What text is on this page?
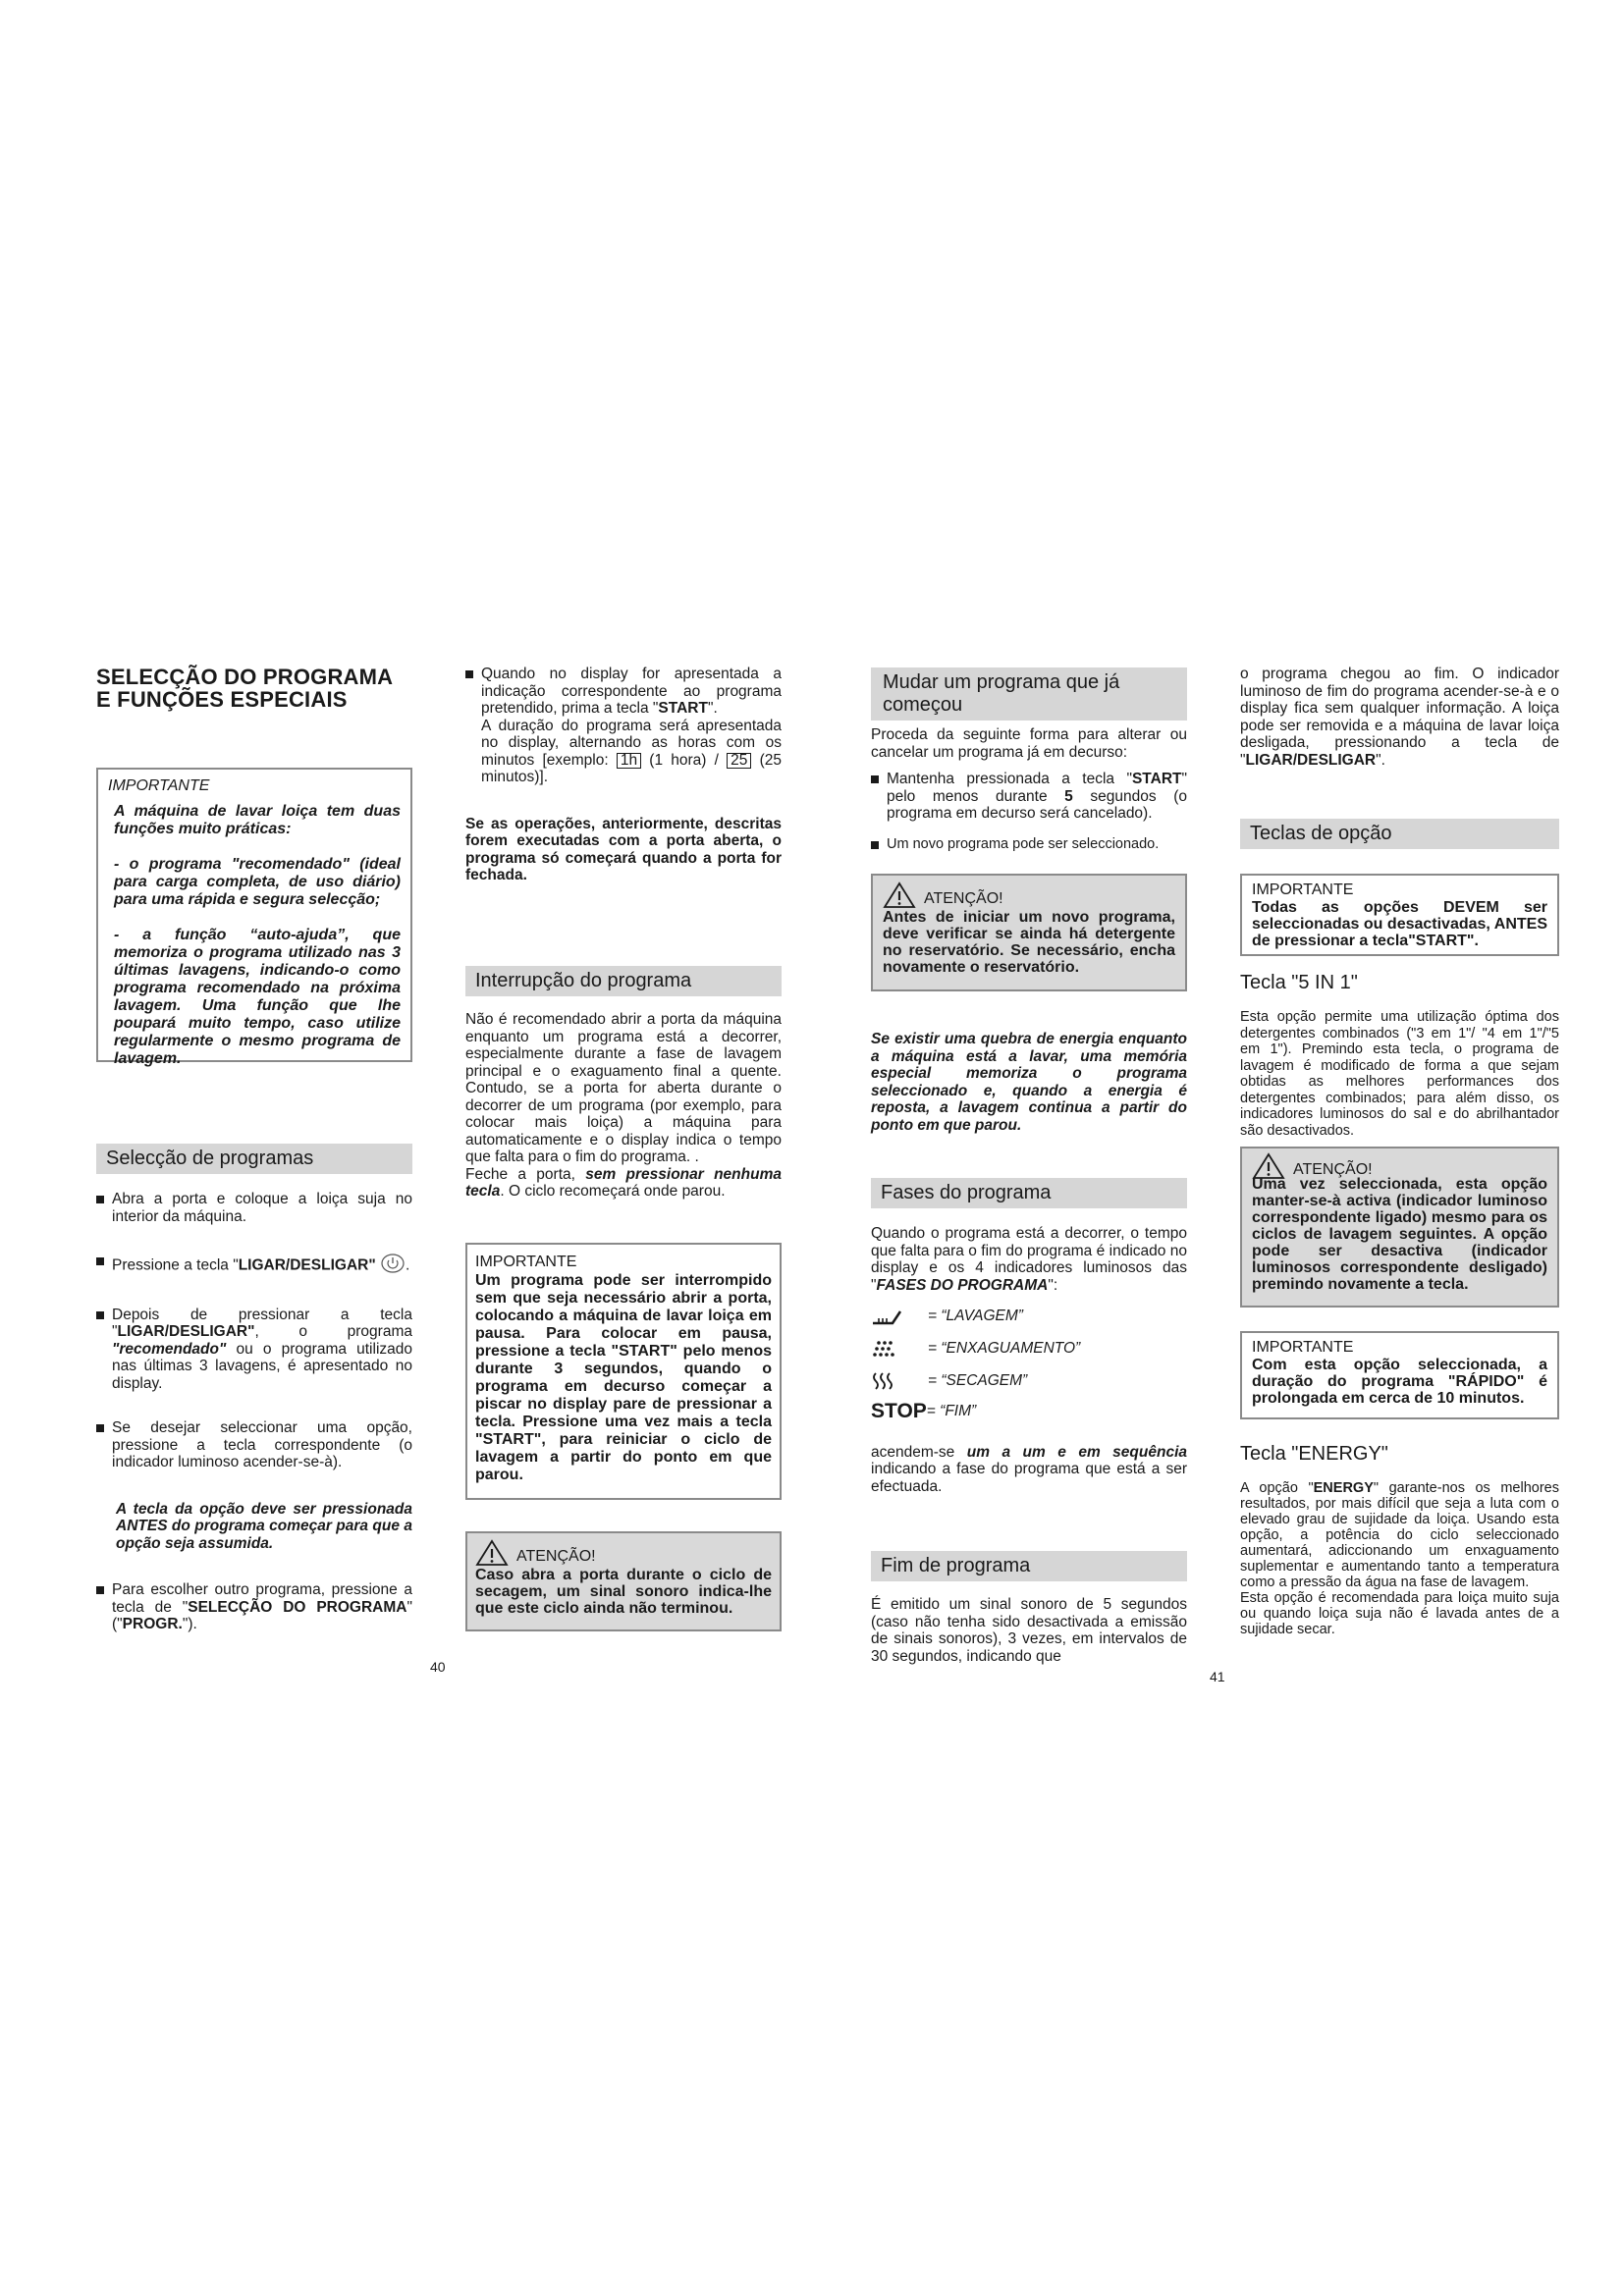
SELECÇÃO DO PROGRAMA
E FUNÇÕES ESPECIAIS
IMPORTANTE

A máquina de lavar loiça tem duas funções muito práticas:

- o programa "recomendado" (ideal para carga completa, de uso diário) para uma rápida e segura selecção;

- a função “auto-ajuda”, que memoriza o programa utilizado nas 3 últimas lavagens, indicando-o como programa recomendado na próxima lavagem. Uma função que lhe poupará muito tempo, caso utilize regularmente o mesmo programa de lavagem.

Selecção de programas

Abra a porta e coloque a loiça suja no interior da máquina.

Pressione a tecla "LIGAR/DESLIGAR" .

Depois de pressionar a tecla "LIGAR/DESLIGAR", o programa "recomendado" ou o programa utilizado nas últimas 3 lavagens, é apresentado no display.

Se desejar seleccionar uma opção, pressione a tecla correspondente (o indicador luminoso acender-se-à).

A tecla da opção deve ser pressionada ANTES do programa começar para que a opção seja assumida.

Para escolher outro programa, pressione a tecla de "SELECÇÃO DO PROGRAMA" ("PROGR.").

Quando no display for apresentada a indicação correspondente ao programa pretendido, prima a tecla "START".

A duração do programa será apresentada no display, alternando as horas com os minutos [exemplo: 1h (1 hora) / 25 (25 minutos)].

Se as operações, anteriormente, descritas forem executadas com a porta aberta, o programa só começará quando a porta for fechada.

Interrupção do programa

Não é recomendado abrir a porta da máquina enquanto um programa está a decorrer, especialmente durante a fase de lavagem principal e o exaguamento final a quente. Contudo, se a porta for aberta durante o decorrer de um programa (por exemplo, para colocar mais loiça) a máquina para automaticamente e o display indica o tempo que falta para o fim do programa. .

Feche a porta, sem pressionar nenhuma tecla. O ciclo recomeçará onde parou.

IMPORTANTE

Um programa pode ser interrompido sem que seja necessário abrir a porta, colocando a máquina de lavar loiça em pausa. Para colocar em pausa, pressione a tecla "START" pelo menos durante 3 segundos, quando o programa em decurso começar a piscar no display pare de pressionar a tecla. Pressione uma vez mais a tecla "START", para reiniciar o ciclo de lavagem a partir do ponto em que parou.

ATENÇÃO!

Caso abra a porta durante o ciclo de secagem, um sinal sonoro indica-lhe que este ciclo ainda não terminou.

40
Mudar um programa que já começou

Proceda da seguinte forma para alterar ou cancelar um programa já em decurso:

Mantenha pressionada a tecla "START" pelo menos durante 5 segundos (o programa em decurso será cancelado).

Um novo programa pode ser seleccionado.

ATENÇÃO!

Antes de iniciar um novo programa, deve verificar se ainda há detergente no reservatório. Se necessário, encha novamente o reservatório.

Se existir uma quebra de energia enquanto a máquina está a lavar, uma memória especial memoriza o programa seleccionado e, quando a energia é reposta, a lavagem continua a partir do ponto em que parou.

Fases do programa

Quando o programa está a decorrer, o tempo que falta para o fim do programa é indicado no display e os 4 indicadores luminosos das "FASES DO PROGRAMA":

= “LAVAGEM”
= “ENXAGUAMENTO”
= “SECAGEM”
STOP = “FIM”

acendem-se um a um e em sequência indicando a fase do programa que está a ser efectuada.

Fim de programa

É emitido um sinal sonoro de 5 segundos (caso não tenha sido desactivada a emissão de sinais sonoros), 3 vezes, em intervalos de 30 segundos, indicando que

41

o programa chegou ao fim. O indicador luminoso de fim do programa acender-se-à e o display fica sem qualquer informação. A loiça pode ser removida e a máquina de lavar loiça desligada, pressionando a tecla de "LIGAR/DESLIGAR".

Teclas de opção
IMPORTANTE

Todas as opções DEVEM ser seleccionadas ou desactivadas, ANTES de pressionar a tecla"START".

Tecla "5 IN 1"

Esta opção permite uma utilização óptima dos detergentes combinados ("3 em 1"/ "4 em 1"/"5 em 1"). Premindo esta tecla, o programa de lavagem é modificado de forma a que sejam obtidas as melhores performances dos detergentes combinados; para além disso, os indicadores luminosos do sal e do abrilhantador são desactivados.

ATENÇÃO!

Uma vez seleccionada, esta opção manter-se-à activa (indicador luminoso correspondente ligado) mesmo para os ciclos de lavagem seguintes. A opção pode ser desactiva (indicador luminosos correspondente desligado) premindo novamente a tecla.

IMPORTANTE

Com esta opção seleccionada, a duração do programa "RÁPIDO" é prolongada em cerca de 10 minutos.

Tecla "ENERGY"

A opção "ENERGY" garante-nos os melhores resultados, por mais difícil que seja a luta com o elevado grau de sujidade da loiça. Usando esta opção, a potência do ciclo seleccionado aumentará, adiccionando um enxaguamento suplementar e aumentando tanto a temperatura como a pressão da água na fase de lavagem.

Esta opção é recomendada para loiça muito suja ou quando loiça suja não é lavada antes de a sujidade secar.
